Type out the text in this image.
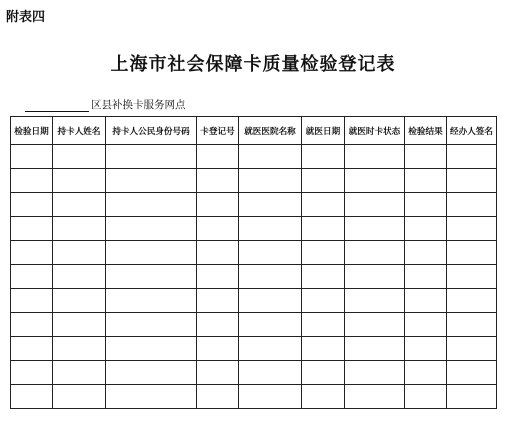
附表四
上海市社会保障卡质量检验登记表
区县补换卡服务网点
检验日期	持卡人姓名	持卡人公民身份号码	卡登记号	就医医院名称	就医日期	就医时卡状态	检验结果	经办人签名
